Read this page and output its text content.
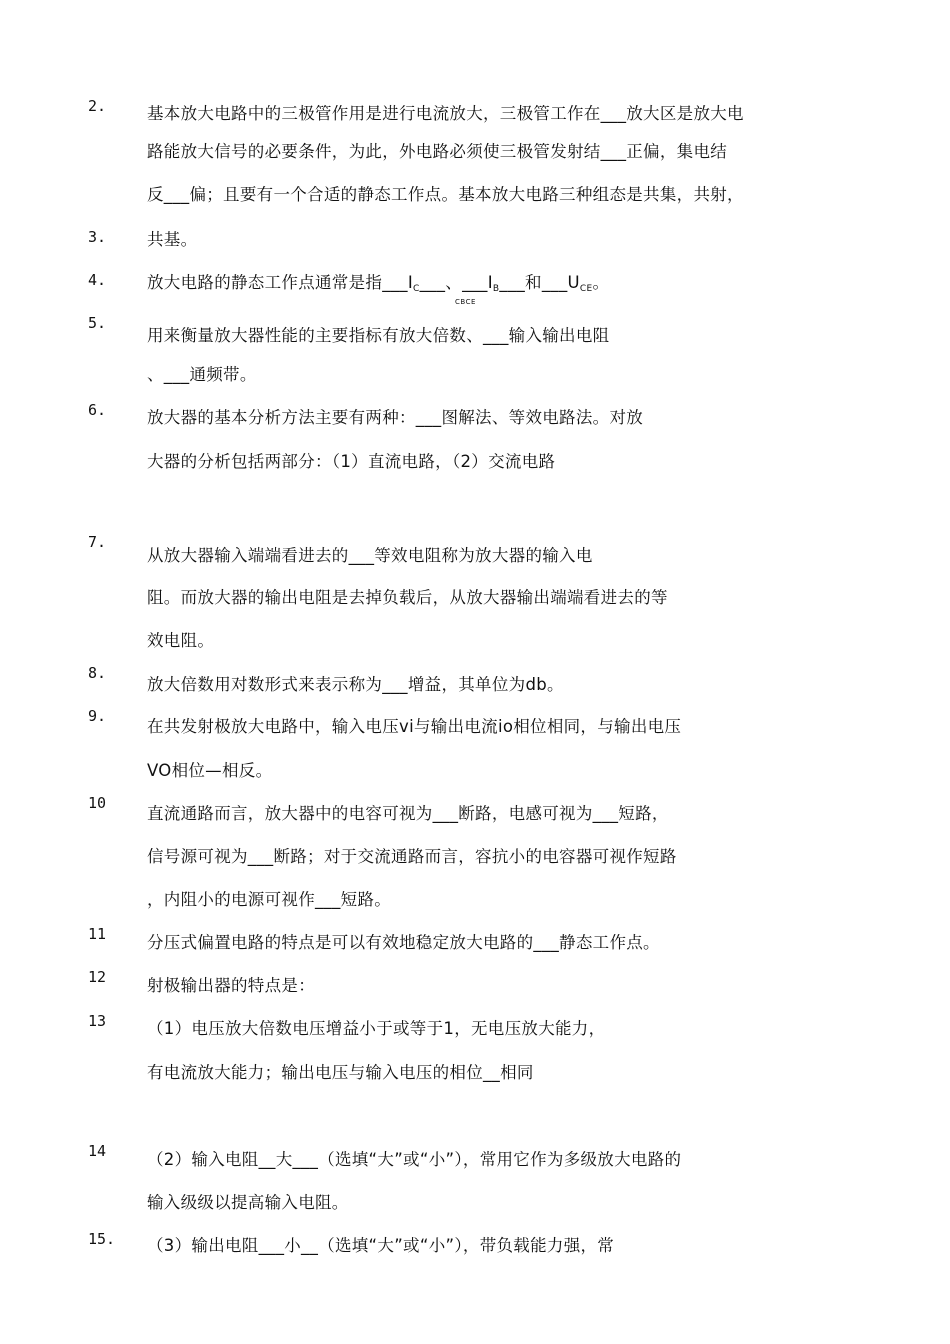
2. 基本放大电路中的三极管作用是进行电流放大，三极管工作在___放大区是放大电
路能放大信号的必要条件，为此，外电路必须使三极管发射结___正偏，集电结
反___偏；且要有一个合适的静态工作点。基本放大电路三种组态是共集，共射，
3. 共基。
4. 放大电路的静态工作点通常是指$\_\_\_I_C\_\_\_$、$\_\_\_I_B\_\_\_$和$\_\_\_U_{CE}$。
CBCE
5.
用来衡量放大器性能的主要指标有放大倍数、___输入输出电阻
、___通频带。
6. 放大器的基本分析方法主要有两种：___图解法、等效电路法。对放
大器的分析包括两部分：（1）直流电路，（2）交流电路
7.
从放大器输入端端看进去的___等效电阻称为放大器的输入电
阻。而放大器的输出电阻是去掉负载后，从放大器输出端端看进去的等
效电阻。
8.
放大倍数用对数形式来表示称为___增益，其单位为db。
9.
在共发射极放大电路中，输入电压vi与输出电流io相位相同，与输出电压
VO相位—相反。
10
直流通路而言，放大器中的电容可视为___断路，电感可视为___短路，
信号源可视为___断路；对于交流通路而言，容抗小的电容器可视作短路
，内阻小的电源可视作___短路。
11 分压式偏置电路的特点是可以有效地稳定放大电路的___静态工作点。
12 射极输出器的特点是：
13 （1）电压放大倍数电压增益小于或等于1，无电压放大能力，
有电流放大能力；输出电压与输入电压的相位__相同
14 （2）输入电阻__大___（选填“大”或“小”），常用它作为多级放大电路的
输入级级以提高输入电阻。
15. （3）输出电阻___小__（选填“大”或“小”），带负载能力强，常
